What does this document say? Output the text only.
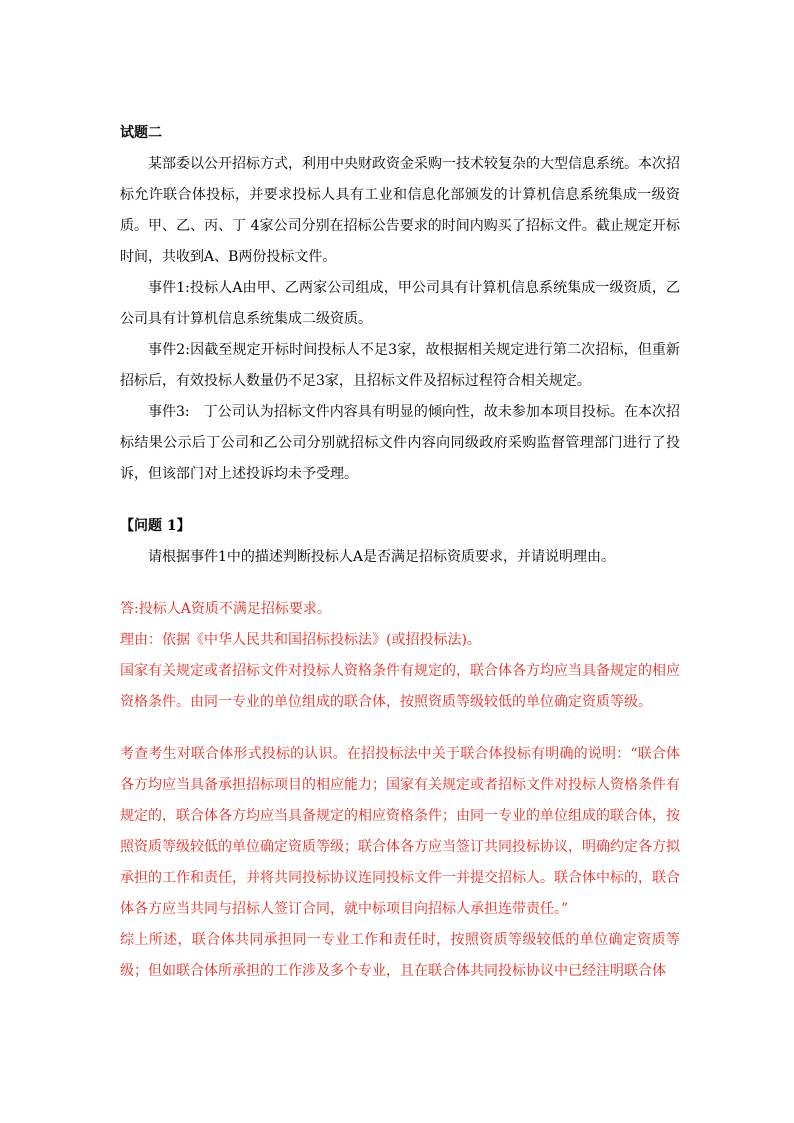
试题二

某部委以公开招标方式，利用中央财政资金采购一技术较复杂的大型信息系统。本次招标允许联合体投标，并要求投标人具有工业和信息化部颁发的计算机信息系统集成一级资质。甲、乙、丙、丁 4家公司分别在招标公告要求的时间内购买了招标文件。截止规定开标时间，共收到A、B两份投标文件。

事件1:投标人A由甲、乙两家公司组成，甲公司具有计算机信息系统集成一级资质，乙公司具有计算机信息系统集成二级资质。

事件2:因截至规定开标时间投标人不足3家，故根据相关规定进行第二次招标，但重新招标后，有效投标人数量仍不足3家，且招标文件及招标过程符合相关规定。

事件3:　丁公司认为招标文件内容具有明显的倾向性，故未参加本项目投标。在本次招标结果公示后丁公司和乙公司分别就招标文件内容向同级政府采购监督管理部门进行了投诉，但该部门对上述投诉均未予受理。

【问题 1】

请根据事件1中的描述判断投标人A是否满足招标资质要求，并请说明理由。

答:投标人A资质不满足招标要求。

理由：依据《中华人民共和国招标投标法》(或招投标法)。

国家有关规定或者招标文件对投标人资格条件有规定的，联合体各方均应当具备规定的相应资格条件。由同一专业的单位组成的联合体，按照资质等级较低的单位确定资质等级。

考查考生对联合体形式投标的认识。在招投标法中关于联合体投标有明确的说明：“联合体各方均应当具备承担招标项目的相应能力；国家有关规定或者招标文件对投标人资格条件有规定的，联合体各方均应当具备规定的相应资格条件；由同一专业的单位组成的联合体，按照资质等级较低的单位确定资质等级；联合体各方应当签订共同投标协议，明确约定各方拟承担的工作和责任，并将共同投标协议连同投标文件一并提交招标人。联合体中标的，联合体各方应当共同与招标人签订合同，就中标项目向招标人承担连带责任。”

综上所述，联合体共同承担同一专业工作和责任时，按照资质等级较低的单位确定资质等级；但如联合体所承担的工作涉及多个专业，且在联合体共同投标协议中已经注明联合体
